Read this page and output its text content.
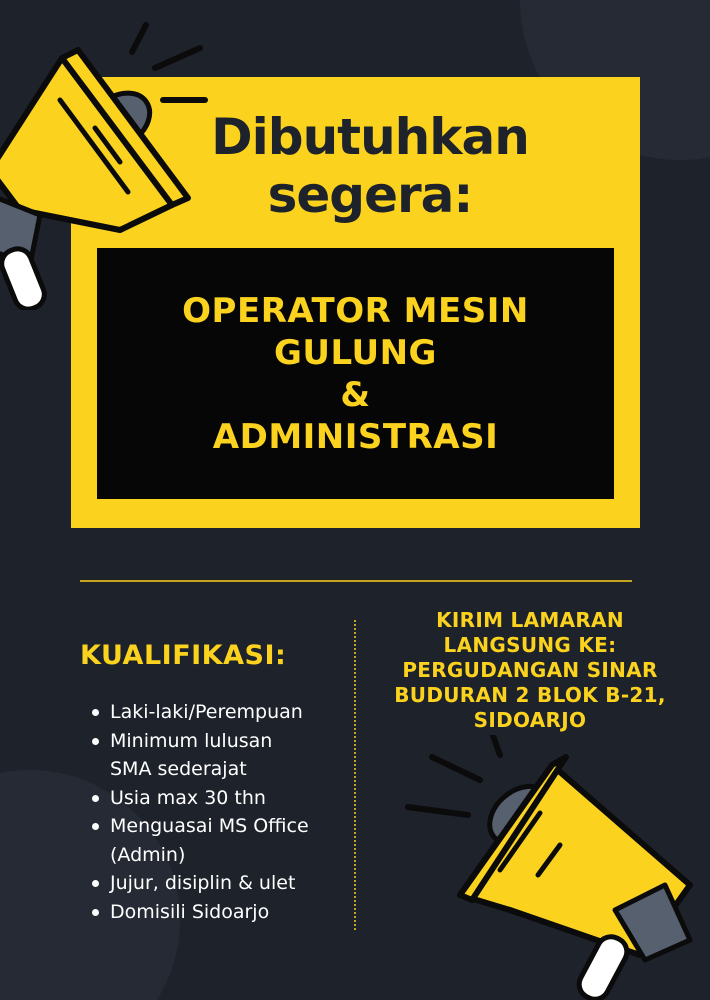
Dibutuhkan
segera:
OPERATOR MESIN
GULUNG
&
ADMINISTRASI
KUALIFIKASI:
Laki-laki/Perempuan
Minimum lulusan
SMA sederajat
Usia max 30 thn
Menguasai MS Office
(Admin)
Jujur, disiplin & ulet
Domisili Sidoarjo
KIRIM LAMARAN
LANGSUNG KE:
PERGUDANGAN SINAR
BUDURAN 2 BLOK B-21,
SIDOARJO
